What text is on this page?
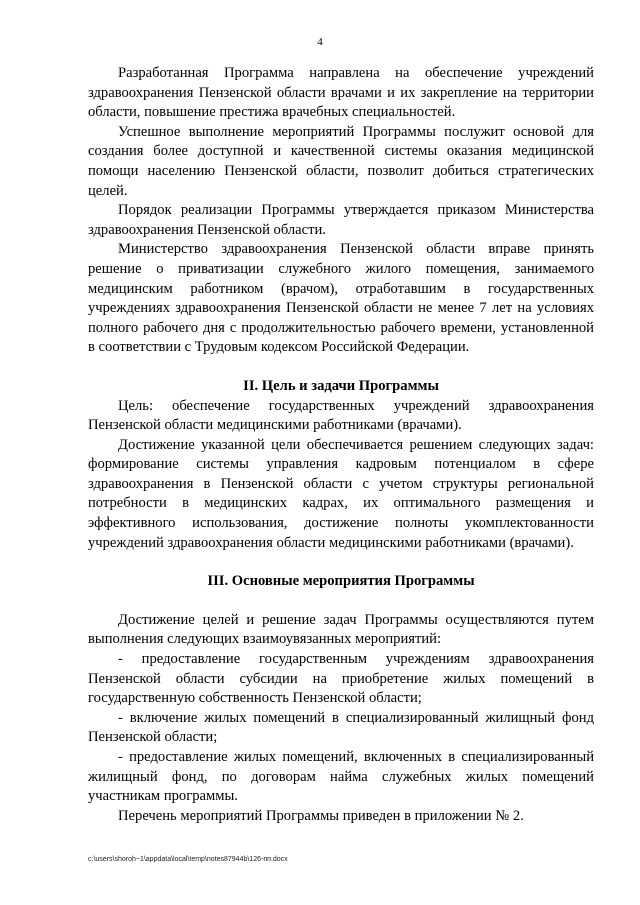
4

Разработанная Программа направлена на обеспечение учреждений здравоохранения Пензенской области врачами и их закрепление на территории области, повышение престижа врачебных специальностей.

Успешное выполнение мероприятий Программы послужит основой для создания более доступной и качественной системы оказания медицинской помощи населению Пензенской области, позволит добиться стратегических целей.

Порядок реализации Программы утверждается приказом Министерства здравоохранения Пензенской области.

Министерство здравоохранения Пензенской области вправе принять решение о приватизации служебного жилого помещения, занимаемого медицинским работником (врачом), отработавшим в государственных учреждениях здравоохранения Пензенской области не менее 7 лет на условиях полного рабочего дня с продолжительностью рабочего времени, установленной в соответствии с Трудовым кодексом Российской Федерации.

II. Цель и задачи Программы

Цель: обеспечение государственных учреждений здравоохранения Пензенской области медицинскими работниками (врачами).

Достижение указанной цели обеспечивается решением следующих задач: формирование системы управления кадровым потенциалом в сфере здравоохранения в Пензенской области с учетом структуры региональной потребности в медицинских кадрах, их оптимального размещения и эффективного использования, достижение полноты укомплектованности учреждений здравоохранения области медицинскими работниками (врачами).

III. Основные мероприятия Программы

Достижение целей и решение задач Программы осуществляются путем выполнения следующих взаимоувязанных мероприятий:

- предоставление государственным учреждениям здравоохранения Пензенской области субсидии на приобретение жилых помещений в государственную собственность Пензенской области;

- включение жилых помещений в специализированный жилищный фонд Пензенской области;

- предоставление жилых помещений, включенных в специализированный жилищный фонд, по договорам найма служебных жилых помещений участникам программы.

Перечень мероприятий Программы приведен в приложении № 2.

c:\users\shoroh~1\appdata\local\temp\notes87944b\126-пп.docx
